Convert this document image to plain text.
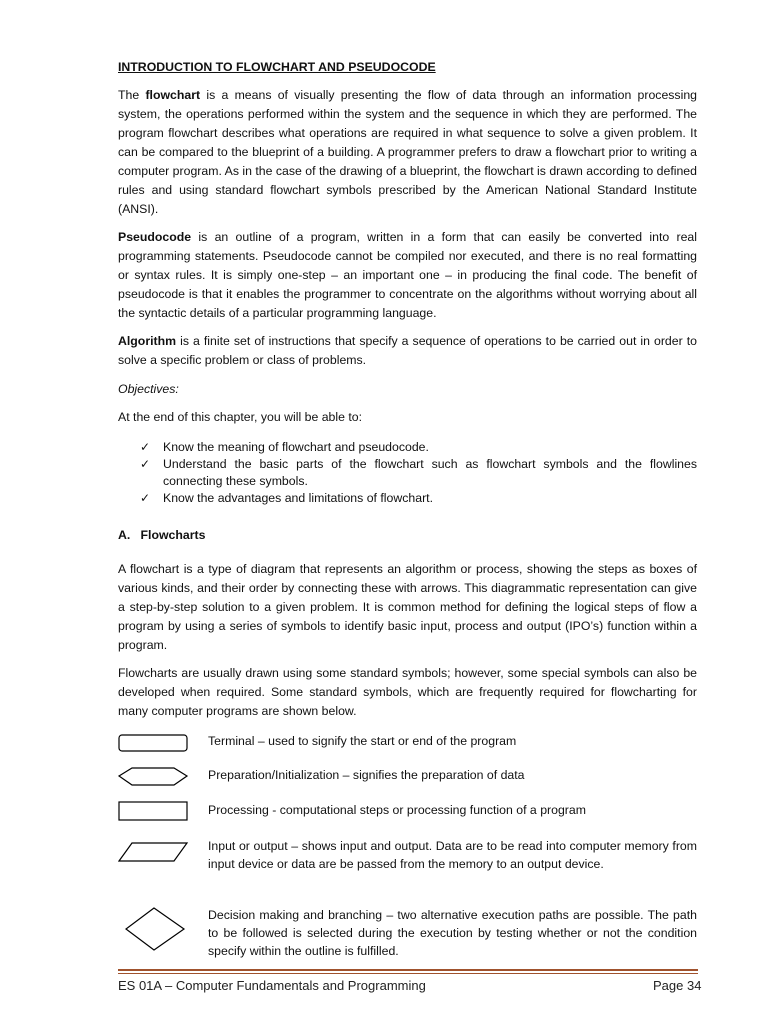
INTRODUCTION TO FLOWCHART AND PSEUDOCODE

The flowchart is a means of visually presenting the flow of data through an information processing system, the operations performed within the system and the sequence in which they are performed. The program flowchart describes what operations are required in what sequence to solve a given problem. It can be compared to the blueprint of a building. A programmer prefers to draw a flowchart prior to writing a computer program. As in the case of the drawing of a blueprint, the flowchart is drawn according to defined rules and using standard flowchart symbols prescribed by the American National Standard Institute (ANSI).

Pseudocode is an outline of a program, written in a form that can easily be converted into real programming statements. Pseudocode cannot be compiled nor executed, and there is no real formatting or syntax rules. It is simply one-step – an important one – in producing the final code. The benefit of pseudocode is that it enables the programmer to concentrate on the algorithms without worrying about all the syntactic details of a particular programming language.

Algorithm is a finite set of instructions that specify a sequence of operations to be carried out in order to solve a specific problem or class of problems.

Objectives:

At the end of this chapter, you will be able to:

✓ Know the meaning of flowchart and pseudocode.
✓ Understand the basic parts of the flowchart such as flowchart symbols and the flowlines connecting these symbols.
✓ Know the advantages and limitations of flowchart.

A.   Flowcharts

A flowchart is a type of diagram that represents an algorithm or process, showing the steps as boxes of various kinds, and their order by connecting these with arrows. This diagrammatic representation can give a step-by-step solution to a given problem. It is common method for defining the logical steps of flow a program by using a series of symbols to identify basic input, process and output (IPO’s) function within a program.

Flowcharts are usually drawn using some standard symbols; however, some special symbols can also be developed when required. Some standard symbols, which are frequently required for flowcharting for many computer programs are shown below.

Terminal – used to signify the start or end of the program
Preparation/Initialization – signifies the preparation of data
Processing - computational steps or processing function of a program
Input or output – shows input and output. Data are to be read into computer memory from input device or data are be passed from the memory to an output device.
Decision making and branching – two alternative execution paths are possible. The path to be followed is selected during the execution by testing whether or not the condition specify within the outline is fulfilled.
ES 01A – Computer Fundamentals and Programming	Page 34
